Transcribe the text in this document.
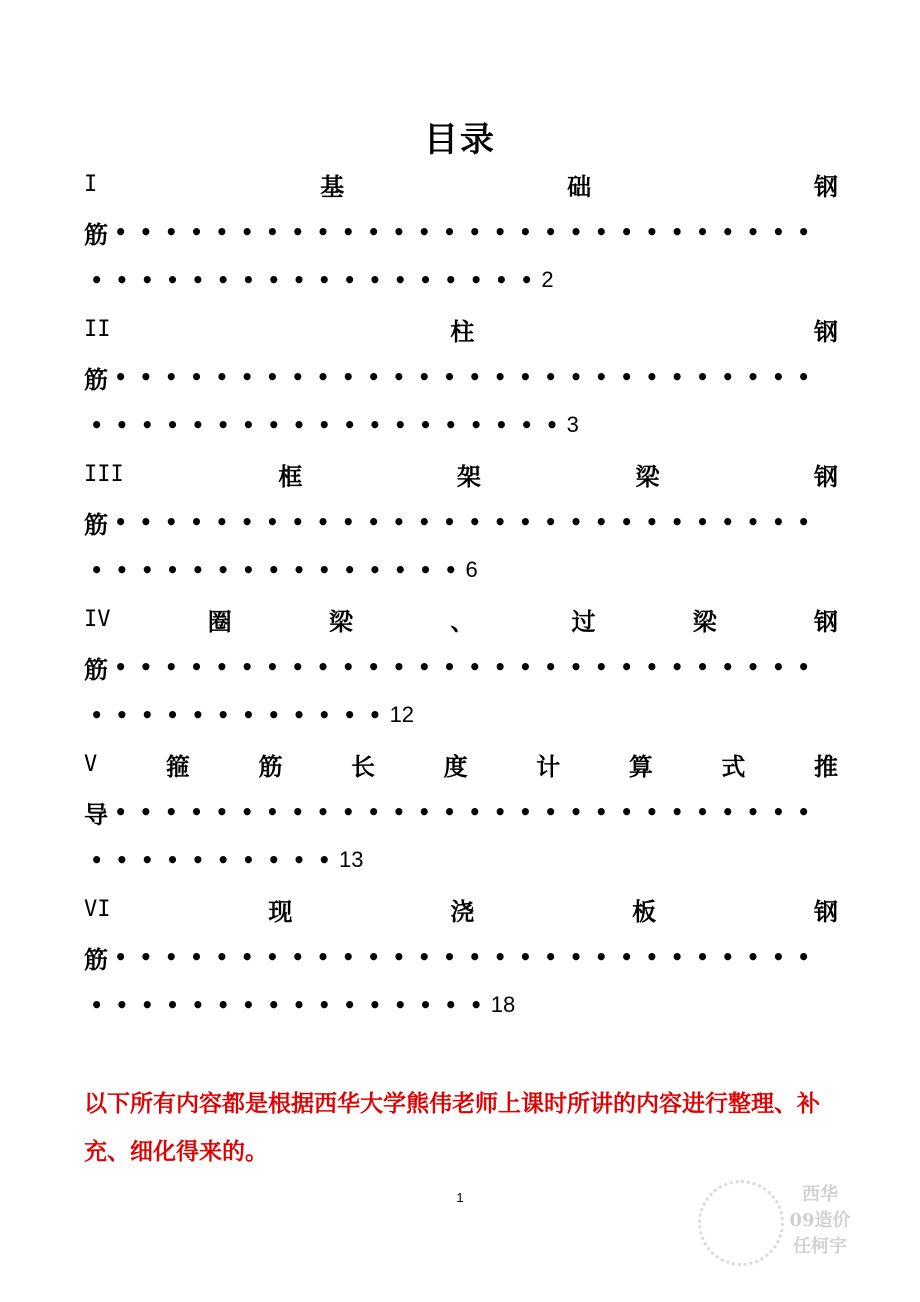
目录
I	基	础	钢
筋 • • • • • • • • • • • • • • • • • • • • • • • • • • • •
• • • • • • • • • • • • • • • • • • 2
II	柱	钢
筋 • • • • • • • • • • • • • • • • • • • • • • • • • • • •
• • • • • • • • • • • • • • • • • • • 3
III	框	架	梁	钢
筋 • • • • • • • • • • • • • • • • • • • • • • • • • • • •
• • • • • • • • • • • • • • • 6
IV	圈	梁	、	过	梁	钢
筋 • • • • • • • • • • • • • • • • • • • • • • • • • • • •
• • • • • • • • • • • • 12
V	箍	筋	长	度	计	算	式	推
导 • • • • • • • • • • • • • • • • • • • • • • • • • • • •
• • • • • • • • • • 13
VI	现	浇	板	钢
筋 • • • • • • • • • • • • • • • • • • • • • • • • • • • •
• • • • • • • • • • • • • • • • 18
以下所有内容都是根据西华大学熊伟老师上课时所讲的内容进行整理、补充、细化得来的。
1	西华
09造价
任柯宇
